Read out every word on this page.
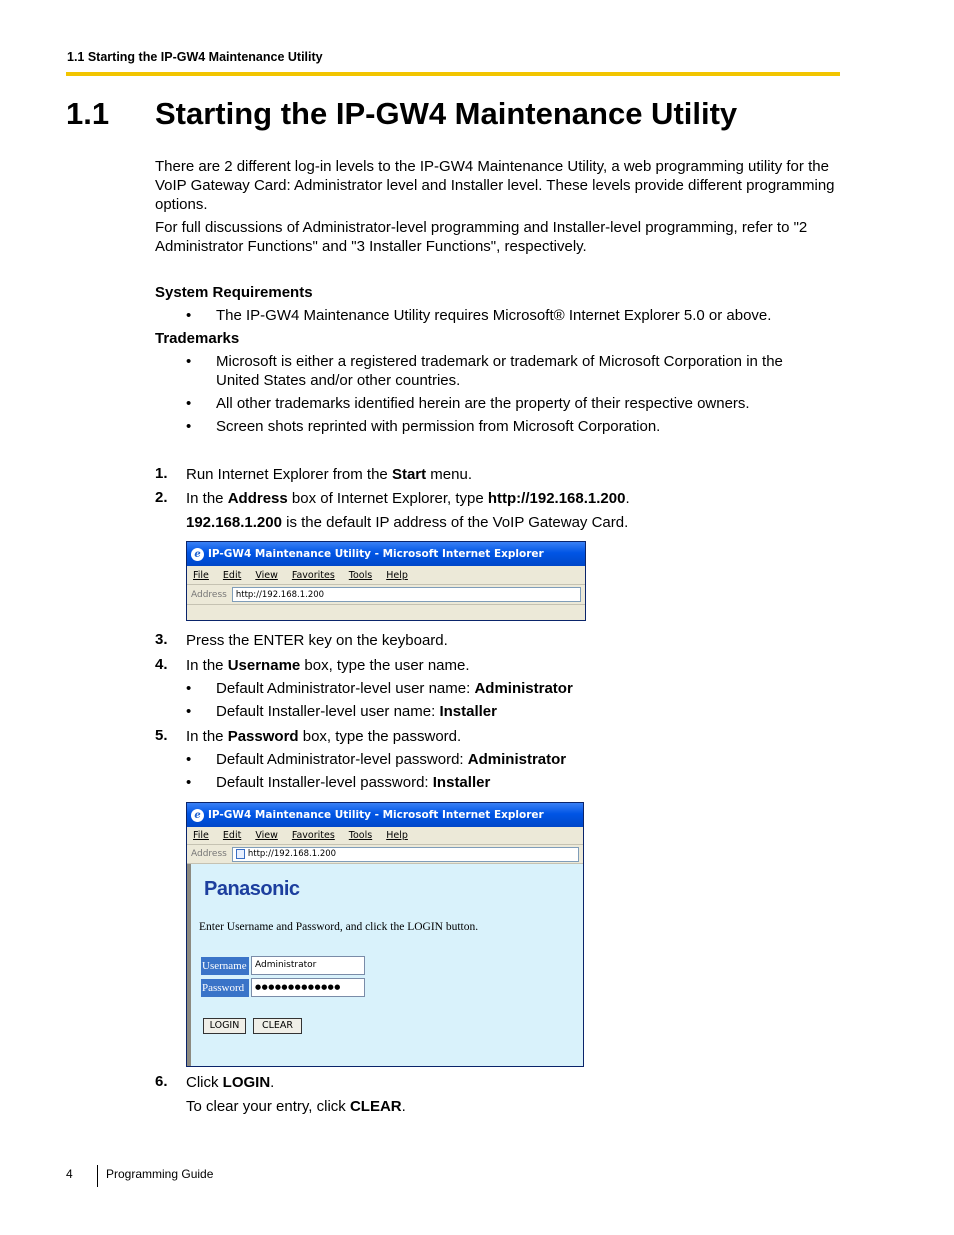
1.1 Starting the IP-GW4 Maintenance Utility
1.1 Starting the IP-GW4 Maintenance Utility
There are 2 different log-in levels to the IP-GW4 Maintenance Utility, a web programming utility for the VoIP Gateway Card: Administrator level and Installer level. These levels provide different programming options.
For full discussions of Administrator-level programming and Installer-level programming, refer to "2 Administrator Functions" and "3 Installer Functions", respectively.
System Requirements
• The IP-GW4 Maintenance Utility requires Microsoft® Internet Explorer 5.0 or above.
Trademarks
• Microsoft is either a registered trademark or trademark of Microsoft Corporation in the United States and/or other countries.
• All other trademarks identified herein are the property of their respective owners.
• Screen shots reprinted with permission from Microsoft Corporation.
1. Run Internet Explorer from the Start menu.
2. In the Address box of Internet Explorer, type http://192.168.1.200.
192.168.1.200 is the default IP address of the VoIP Gateway Card.
e IP-GW4 Maintenance Utility - Microsoft Internet Explorer
File Edit View Favorites Tools Help
Address http://192.168.1.200
3. Press the ENTER key on the keyboard.
4. In the Username box, type the user name.
• Default Administrator-level user name: Administrator
• Default Installer-level user name: Installer
5. In the Password box, type the password.
• Default Administrator-level password: Administrator
• Default Installer-level password: Installer
e IP-GW4 Maintenance Utility - Microsoft Internet Explorer
File Edit View Favorites Tools Help
Address http://192.168.1.200
Panasonic
Enter Username and Password, and click the LOGIN button.
Username Administrator
Password	●●●●●●●●●●●●●
LOGIN	CLEAR
6. Click LOGIN.
To clear your entry, click CLEAR.
4	Programming Guide
